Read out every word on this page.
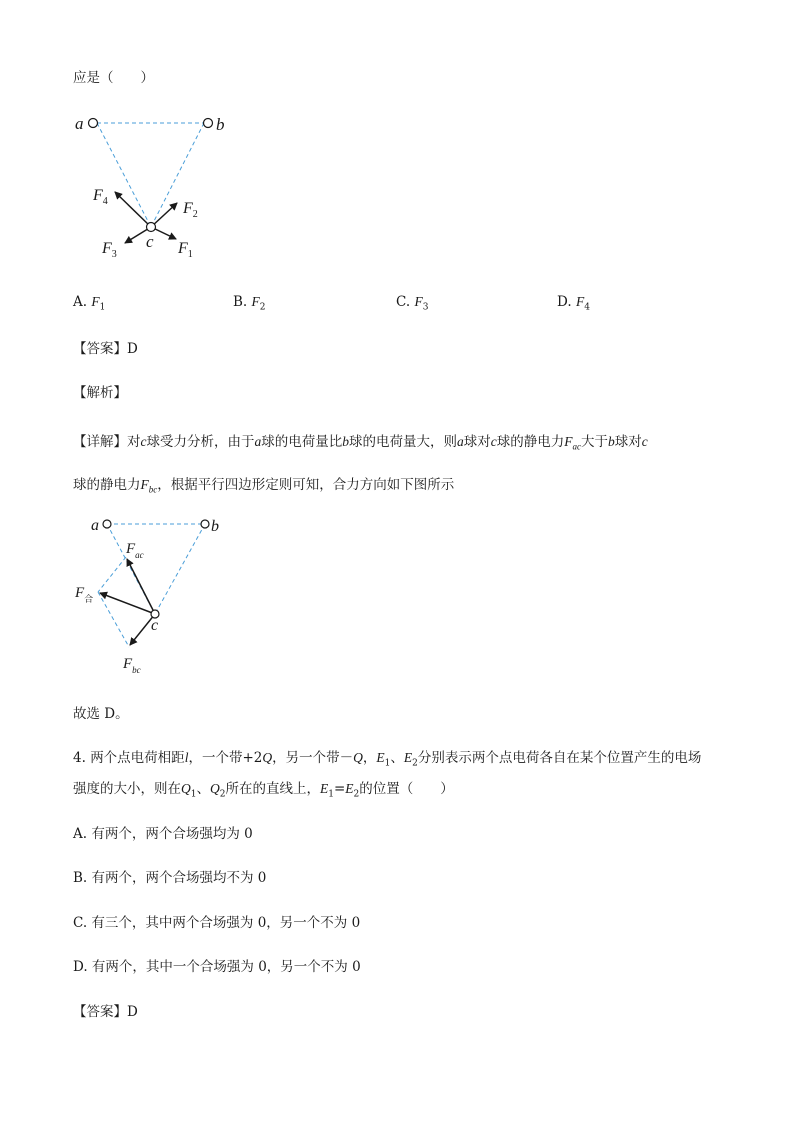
应是（　　）
a	b
c
$F_4$	$F_2$
$F_3$	$F_1$
A. $F_1$	B. $F_2$	C. $F_3$	D. $F_4$
【答案】D
【解析】
【详解】对c球受力分析，由于a球的电荷量比b球的电荷量大，则a球对c球的静电力$F_{ac}$大于b球对c
球的静电力$F_{bc}$，根据平行四边形定则可知，合力方向如下图所示
a	b
c
$F_{ac}$
$F_合$
$F_{bc}$
故选 D。
4. 两个点电荷相距l，一个带+2Q，另一个带－Q，$E_1$、$E_2$分别表示两个点电荷各自在某个位置产生的电场
强度的大小，则在$Q_1$、$Q_2$所在的直线上，$E_1=E_2$的位置（　　）
A. 有两个，两个合场强均为 0
B. 有两个，两个合场强均不为 0
C. 有三个，其中两个合场强为 0，另一个不为 0
D. 有两个，其中一个合场强为 0，另一个不为 0
【答案】D
